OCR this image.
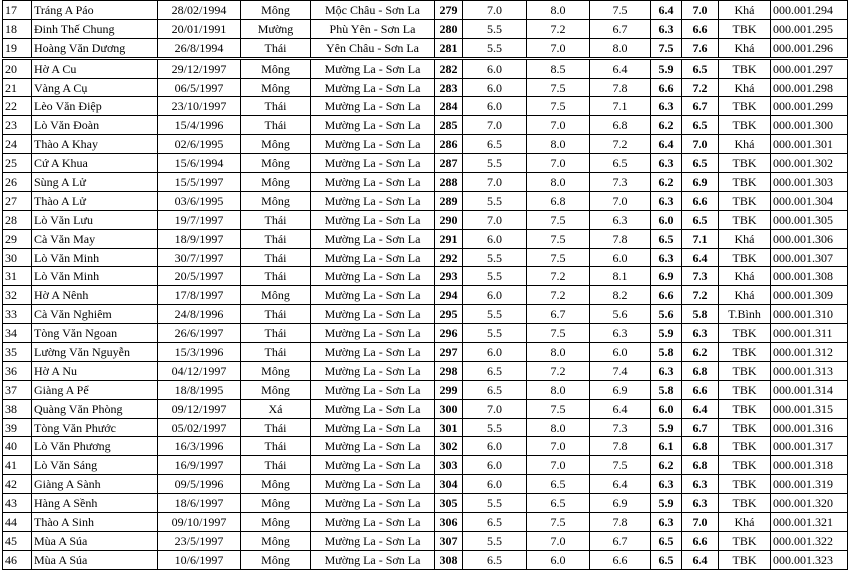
17	Tráng A Páo	28/02/1994	Mông	Mộc Châu - Sơn La	279	7.0	8.0	7.5	6.4	7.0	Khá	000.001.294
18	Đinh Thế Chung	20/01/1991	Mường	Phù Yên - Sơn La	280	5.5	7.2	6.7	6.3	6.6	TBK	000.001.295
19	Hoàng Văn Dương	26/8/1994	Thái	Yên Châu - Sơn La	281	5.5	7.0	8.0	7.5	7.6	Khá	000.001.296
20	Hờ A Cu	29/12/1997	Mông	Mường La - Sơn La	282	6.0	8.5	6.4	5.9	6.5	TBK	000.001.297
21	Vàng A Cụ	06/5/1997	Mông	Mường La - Sơn La	283	6.0	7.5	7.8	6.6	7.2	Khá	000.001.298
22	Lèo Văn Điệp	23/10/1997	Thái	Mường La - Sơn La	284	6.0	7.5	7.1	6.3	6.7	TBK	000.001.299
23	Lò Văn Đoàn	15/4/1996	Thái	Mường La - Sơn La	285	7.0	7.0	6.8	6.2	6.5	TBK	000.001.300
24	Thào A Khay	02/6/1995	Mông	Mường La - Sơn La	286	6.5	8.0	7.2	6.4	7.0	Khá	000.001.301
25	Cứ A Khua	15/6/1994	Mông	Mường La - Sơn La	287	5.5	7.0	6.5	6.3	6.5	TBK	000.001.302
26	Sùng A Lử	15/5/1997	Mông	Mường La - Sơn La	288	7.0	8.0	7.3	6.2	6.9	TBK	000.001.303
27	Thào A Lử	03/6/1995	Mông	Mường La - Sơn La	289	5.5	6.8	7.0	6.3	6.6	TBK	000.001.304
28	Lò Văn Lưu	19/7/1997	Thái	Mường La - Sơn La	290	7.0	7.5	6.3	6.0	6.5	TBK	000.001.305
29	Cà Văn May	18/9/1997	Thái	Mường La - Sơn La	291	6.0	7.5	7.8	6.5	7.1	Khá	000.001.306
30	Lò Văn Minh	30/7/1997	Thái	Mường La - Sơn La	292	5.5	7.5	6.0	6.3	6.4	TBK	000.001.307
31	Lò Văn Minh	20/5/1997	Thái	Mường La - Sơn La	293	5.5	7.2	8.1	6.9	7.3	Khá	000.001.308
32	Hờ A Nênh	17/8/1997	Mông	Mường La - Sơn La	294	6.0	7.2	8.2	6.6	7.2	Khá	000.001.309
33	Cà Văn Nghiêm	24/8/1996	Thái	Mường La - Sơn La	295	5.5	6.7	5.6	5.6	5.8	T.Bình	000.001.310
34	Tòng Văn Ngoan	26/6/1997	Thái	Mường La - Sơn La	296	5.5	7.5	6.3	5.9	6.3	TBK	000.001.311
35	Lường Văn Nguyễn	15/3/1996	Thái	Mường La - Sơn La	297	6.0	8.0	6.0	5.8	6.2	TBK	000.001.312
36	Hờ A Nu	04/12/1997	Mông	Mường La - Sơn La	298	6.5	7.2	7.4	6.3	6.8	TBK	000.001.313
37	Giàng A Pể	18/8/1995	Mông	Mường La - Sơn La	299	6.5	8.0	6.9	5.8	6.6	TBK	000.001.314
38	Quàng Văn Phòng	09/12/1997	Xá	Mường La - Sơn La	300	7.0	7.5	6.4	6.0	6.4	TBK	000.001.315
39	Tòng Văn Phước	05/02/1997	Thái	Mường La - Sơn La	301	5.5	8.0	7.3	5.9	6.7	TBK	000.001.316
40	Lò Văn Phương	16/3/1996	Thái	Mường La - Sơn La	302	6.0	7.0	7.8	6.1	6.8	TBK	000.001.317
41	Lò Văn Sáng	16/9/1997	Thái	Mường La - Sơn La	303	6.0	7.0	7.5	6.2	6.8	TBK	000.001.318
42	Giàng A Sành	09/5/1996	Mông	Mường La - Sơn La	304	6.0	6.5	6.4	6.3	6.3	TBK	000.001.319
43	Hàng A Sềnh	18/6/1997	Mông	Mường La - Sơn La	305	5.5	6.5	6.9	5.9	6.3	TBK	000.001.320
44	Thào A Sinh	09/10/1997	Mông	Mường La - Sơn La	306	6.5	7.5	7.8	6.3	7.0	Khá	000.001.321
45	Mùa A Súa	23/5/1997	Mông	Mường La - Sơn La	307	5.5	7.0	6.7	6.5	6.6	TBK	000.001.322
46	Mùa A Súa	10/6/1997	Mông	Mường La - Sơn La	308	6.5	6.0	6.6	6.5	6.4	TBK	000.001.323
